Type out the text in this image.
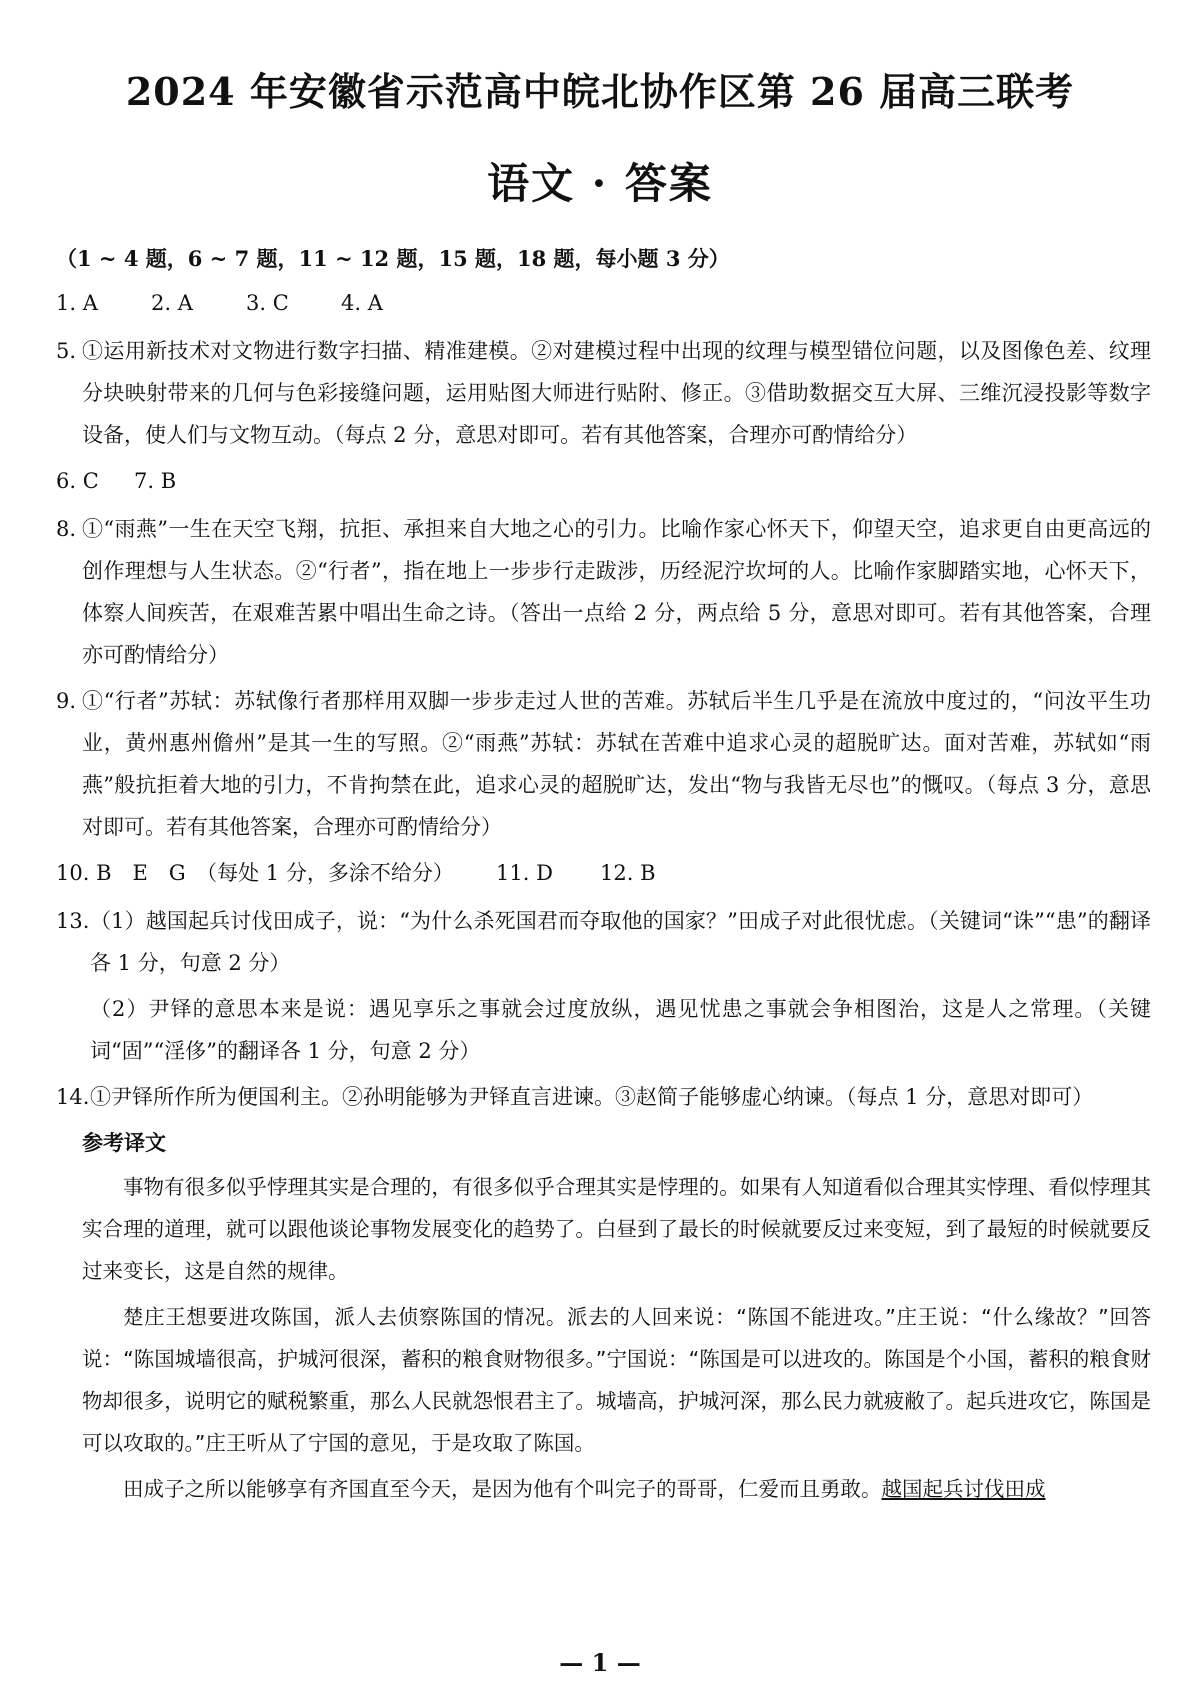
2024 年安徽省示范高中皖北协作区第 26 届高三联考
语文 · 答案

（1 ~ 4 题，6 ~ 7 题，11 ~ 12 题，15 题，18 题，每小题 3 分）

1. A	2. A	3. C	4. A
5. ①运用新技术对文物进行数字扫描、精准建模。②对建模过程中出现的纹理与模型错位问题，以及图像色差、纹理分块映射带来的几何与色彩接缝问题，运用贴图大师进行贴附、修正。③借助数据交互大屏、三维沉浸投影等数字设备，使人们与文物互动。（每点 2 分，意思对即可。若有其他答案，合理亦可酌情给分）
6. C	7. B
8. ①“雨燕”一生在天空飞翔，抗拒、承担来自大地之心的引力。比喻作家心怀天下，仰望天空，追求更自由更高远的创作理想与人生状态。②“行者”，指在地上一步步行走跋涉，历经泥泞坎坷的人。比喻作家脚踏实地，心怀天下，体察人间疾苦，在艰难苦累中唱出生命之诗。（答出一点给 2 分，两点给 5 分，意思对即可。若有其他答案，合理亦可酌情给分）
9. ①“行者”苏轼：苏轼像行者那样用双脚一步步走过人世的苦难。苏轼后半生几乎是在流放中度过的，“问汝平生功业，黄州惠州儋州”是其一生的写照。②“雨燕”苏轼：苏轼在苦难中追求心灵的超脱旷达。面对苦难，苏轼如“雨燕”般抗拒着大地的引力，不肯拘禁在此，追求心灵的超脱旷达，发出“物与我皆无尽也”的慨叹。（每点 3 分，意思对即可。若有其他答案，合理亦可酌情给分）
10. B　E　G　（每处 1 分，多涂不给分）	11. D	12. B
13. （1）越国起兵讨伐田成子，说：“为什么杀死国君而夺取他的国家？”田成子对此很忧虑。（关键词“诛”“患”的翻译各 1 分，句意 2 分）
（2）尹铎的意思本来是说：遇见享乐之事就会过度放纵，遇见忧患之事就会争相图治，这是人之常理。（关键词“固”“淫侈”的翻译各 1 分，句意 2 分）
14. ①尹铎所作所为便国利主。②孙明能够为尹铎直言进谏。③赵简子能够虚心纳谏。（每点 1 分，意思对即可）
参考译文

事物有很多似乎悖理其实是合理的，有很多似乎合理其实是悖理的。如果有人知道看似合理其实悖理、看似悖理其实合理的道理，就可以跟他谈论事物发展变化的趋势了。白昼到了最长的时候就要反过来变短，到了最短的时候就要反过来变长，这是自然的规律。

楚庄王想要进攻陈国，派人去侦察陈国的情况。派去的人回来说：“陈国不能进攻。”庄王说：“什么缘故？”回答说：“陈国城墙很高，护城河很深，蓄积的粮食财物很多。”宁国说：“陈国是可以进攻的。陈国是个小国，蓄积的粮食财物却很多，说明它的赋税繁重，那么人民就怨恨君主了。城墙高，护城河深，那么民力就疲敝了。起兵进攻它，陈国是可以攻取的。”庄王听从了宁国的意见，于是攻取了陈国。

田成子之所以能够享有齐国直至今天，是因为他有个叫完子的哥哥，仁爱而且勇敢。越国起兵讨伐田成

— 1 —
